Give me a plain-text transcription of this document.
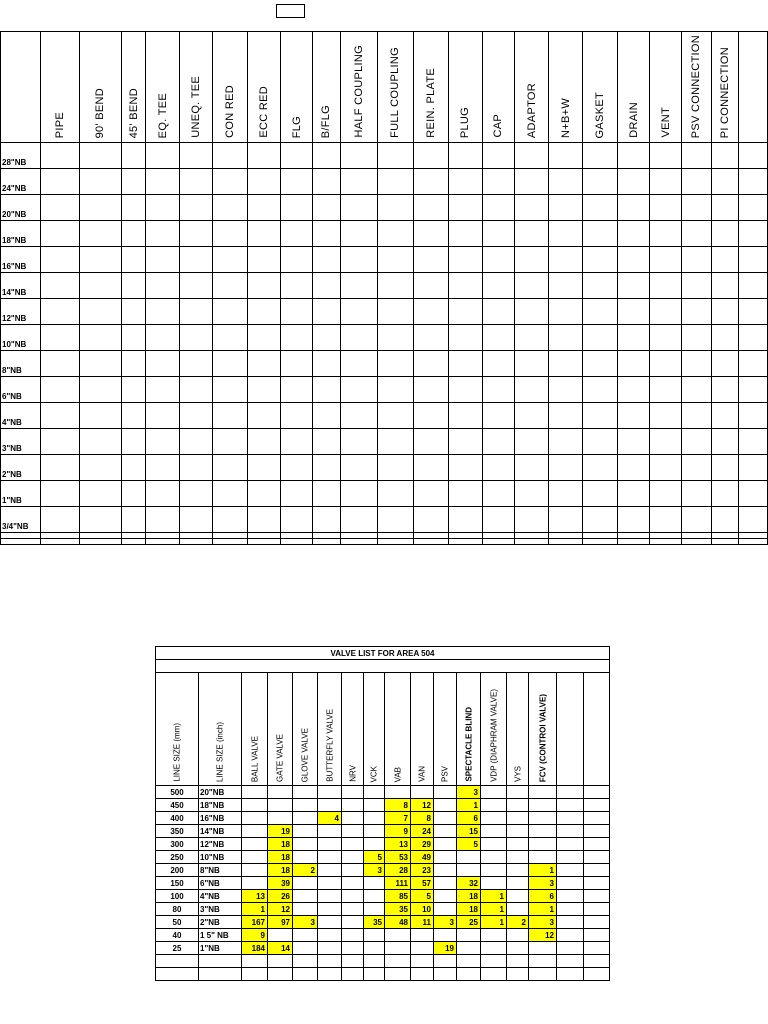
	PIPE	90' BEND	45' BEND	EQ. TEE	UNEQ. TEE	CON RED	ECC RED	FLG	B/FLG	HALF COUPLING	FULL COUPLING	REIN. PLATE	PLUG	CAP	ADAPTOR	N+B+W	GASKET	DRAIN	VENT	PSV CONNECTION	PI CONNECTION	

28"NB																						
24"NB																						
20"NB																						
18"NB																						
16"NB																						
14"NB																						
12"NB																						
10"NB																						
8"NB																						
6"NB																						
4"NB																						
3"NB																						
2"NB																						
1"NB																						
3/4"NB																						

VALVE LIST FOR AREA 504																

LINE SIZE (mm)	LINE SIZE (inch)	BALL VALVE	GATE VALVE	GLOVE VALVE	BUTTERFLY VALVE	NRV	VCK	VAB	VAN	PSV	SPECTACLE BLIND	VDP (DIAPHRAM VALVE)	VYS	FCV (CONTROl VALVE)		

500	20"NB										3					
450	18"NB							8	12		1					
400	16"NB				4			7	8		6					
350	14"NB		19					9	24		15					
300	12"NB		18					13	29		5					
250	10"NB		18				5	53	49							
200	8"NB		18	2			3	28	23					1		
150	6"NB		39					111	57		32			3		
100	4"NB	13	26					85	5		18	1		6		
80	3"NB	1	12					35	10		18	1		1		
50	2"NB	167	97	3			35	48	11	3	25	1	2	3		
40	1 5" NB	9												12		
25	1"NB	184	14							19						
